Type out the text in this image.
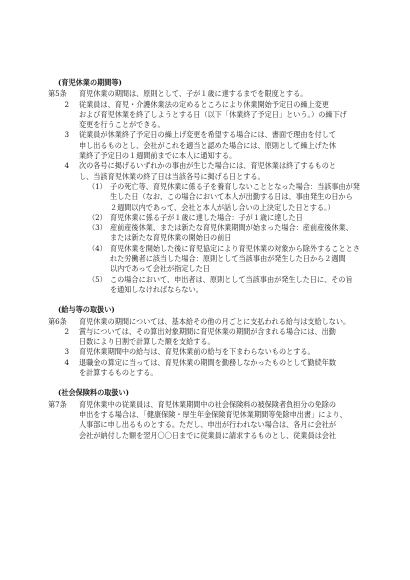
(育児休業の期間等)
第5条	育児休業の期間は、原則として、子が１歳に達するまでを限度とする。
2	従業員は、育児・介護休業法の定めるところにより休業開始予定日の繰上変更
および育児休業を終了しようとする日（以下「休業終了予定日」という。）の繰下げ
変更を行うことができる。
3	従業員が休業終了予定日の繰上げ変更を希望する場合には、書面で理由を付して
申し出るものとし、会社がこれを適当と認めた場合には、原則として繰上げた休
業終了予定日の１週間前までに本人に通知する。
4	次の各号に掲げるいずれかの事由が生じた場合には、育児休業は終了するものと
し、当該育児休業の終了日は当該各号に掲げる日とする。
（1） 子の死亡等、育児休業に係る子を養育しないこととなった場合：当該事由が発
生した日（なお、この場合において本人が出勤する日は、事由発生の日から
２週間以内であって、会社と本人が話し合いの上決定した日とする。）
（2） 育児休業に係る子が１歳に達した場合：子が１歳に達した日
（3） 産前産後休業、または新たな育児休業期間が始まった場合：産前産後休業、
または新たな育児休業の開始日の前日
（4） 育児休業を開始した後に育児協定により育児休業の対象から除外することとさ
れた労働者に該当した場合：原則として当該事由が発生した日から２週間
以内であって会社が指定した日
（5） この場合において、申出者は、原則として当該事由が発生した日に、その旨
を通知しなければならない。
(給与等の取扱い)
第6条	育児休業の期間については、基本給その他の月ごとに支払われる給与は支給しない。
2	賞与については、その算出対象期間に育児休業の期間が含まれる場合には、出勤
日数により日割で計算した額を支給する。
3	育児休業期間中の給与は、育児休業前の給与を下まわらないものとする。
4	退職金の算定に当っては、育児休業の期間を勤務しなかったものとして勤続年数
を計算するものとする。
(社会保険料の取扱い)
第7条	育児休業中の従業員は、育児休業期間中の社会保険料の被保険者負担分の免除の
申出をする場合は、「健康保険・厚生年金保険育児休業期間等免除申出書」により、
人事部に申し出るものとする。ただし、申出が行われない場合は、各月に会社が
会社が納付した額を翌月〇〇日までに従業員に請求するものとし、従業員は会社
